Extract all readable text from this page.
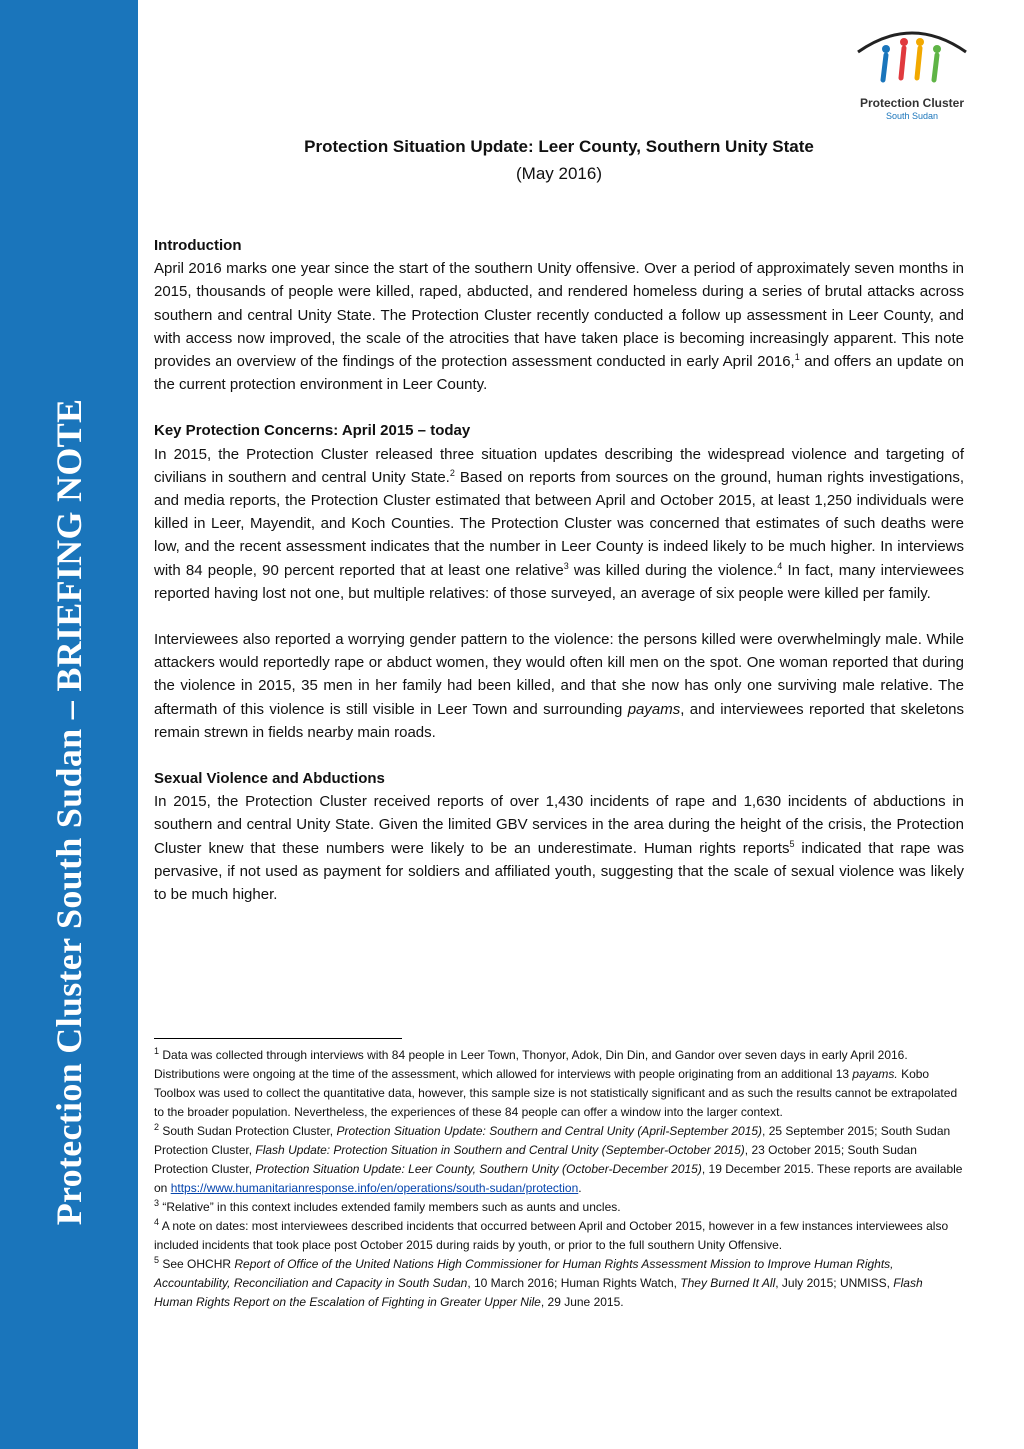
Protection Cluster South Sudan – BRIEFING NOTE
Protection Cluster
South Sudan
Protection Situation Update: Leer County, Southern Unity State
(May 2016)
Introduction

April 2016 marks one year since the start of the southern Unity offensive. Over a period of approximately seven months in 2015, thousands of people were killed, raped, abducted, and rendered homeless during a series of brutal attacks across southern and central Unity State. The Protection Cluster recently conducted a follow up assessment in Leer County, and with access now improved, the scale of the atrocities that have taken place is becoming increasingly apparent. This note provides an overview of the findings of the protection assessment conducted in early April 2016,$^1$ and offers an update on the current protection environment in Leer County.

Key Protection Concerns: April 2015 – today

In 2015, the Protection Cluster released three situation updates describing the widespread violence and targeting of civilians in southern and central Unity State.$^2$ Based on reports from sources on the ground, human rights investigations, and media reports, the Protection Cluster estimated that between April and October 2015, at least 1,250 individuals were killed in Leer, Mayendit, and Koch Counties. The Protection Cluster was concerned that estimates of such deaths were low, and the recent assessment indicates that the number in Leer County is indeed likely to be much higher. In interviews with 84 people, 90 percent reported that at least one relative$^3$ was killed during the violence.$^4$ In fact, many interviewees reported having lost not one, but multiple relatives: of those surveyed, an average of six people were killed per family.

Interviewees also reported a worrying gender pattern to the violence: the persons killed were overwhelmingly male. While attackers would reportedly rape or abduct women, they would often kill men on the spot. One woman reported that during the violence in 2015, 35 men in her family had been killed, and that she now has only one surviving male relative. The aftermath of this violence is still visible in Leer Town and surrounding payams, and interviewees reported that skeletons remain strewn in fields nearby main roads.

Sexual Violence and Abductions

In 2015, the Protection Cluster received reports of over 1,430 incidents of rape and 1,630 incidents of abductions in southern and central Unity State. Given the limited GBV services in the area during the height of the crisis, the Protection Cluster knew that these numbers were likely to be an underestimate. Human rights reports$^5$ indicated that rape was pervasive, if not used as payment for soldiers and affiliated youth, suggesting that the scale of sexual violence was likely to be much higher.

$^1$ Data was collected through interviews with 84 people in Leer Town, Thonyor, Adok, Din Din, and Gandor over seven days in early April 2016. Distributions were ongoing at the time of the assessment, which allowed for interviews with people originating from an additional 13 payams. Kobo Toolbox was used to collect the quantitative data, however, this sample size is not statistically significant and as such the results cannot be extrapolated to the broader population. Nevertheless, the experiences of these 84 people can offer a window into the larger context.

$^2$ South Sudan Protection Cluster, Protection Situation Update: Southern and Central Unity (April-September 2015), 25 September 2015; South Sudan Protection Cluster, Flash Update: Protection Situation in Southern and Central Unity (September-October 2015), 23 October 2015; South Sudan Protection Cluster, Protection Situation Update: Leer County, Southern Unity (October-December 2015), 19 December 2015. These reports are available on https://www.humanitarianresponse.info/en/operations/south-sudan/protection.

$^3$ “Relative” in this context includes extended family members such as aunts and uncles.

$^4$ A note on dates: most interviewees described incidents that occurred between April and October 2015, however in a few instances interviewees also included incidents that took place post October 2015 during raids by youth, or prior to the full southern Unity Offensive.

$^5$ See OHCHR Report of Office of the United Nations High Commissioner for Human Rights Assessment Mission to Improve Human Rights, Accountability, Reconciliation and Capacity in South Sudan, 10 March 2016; Human Rights Watch, They Burned It All, July 2015; UNMISS, Flash Human Rights Report on the Escalation of Fighting in Greater Upper Nile, 29 June 2015.
